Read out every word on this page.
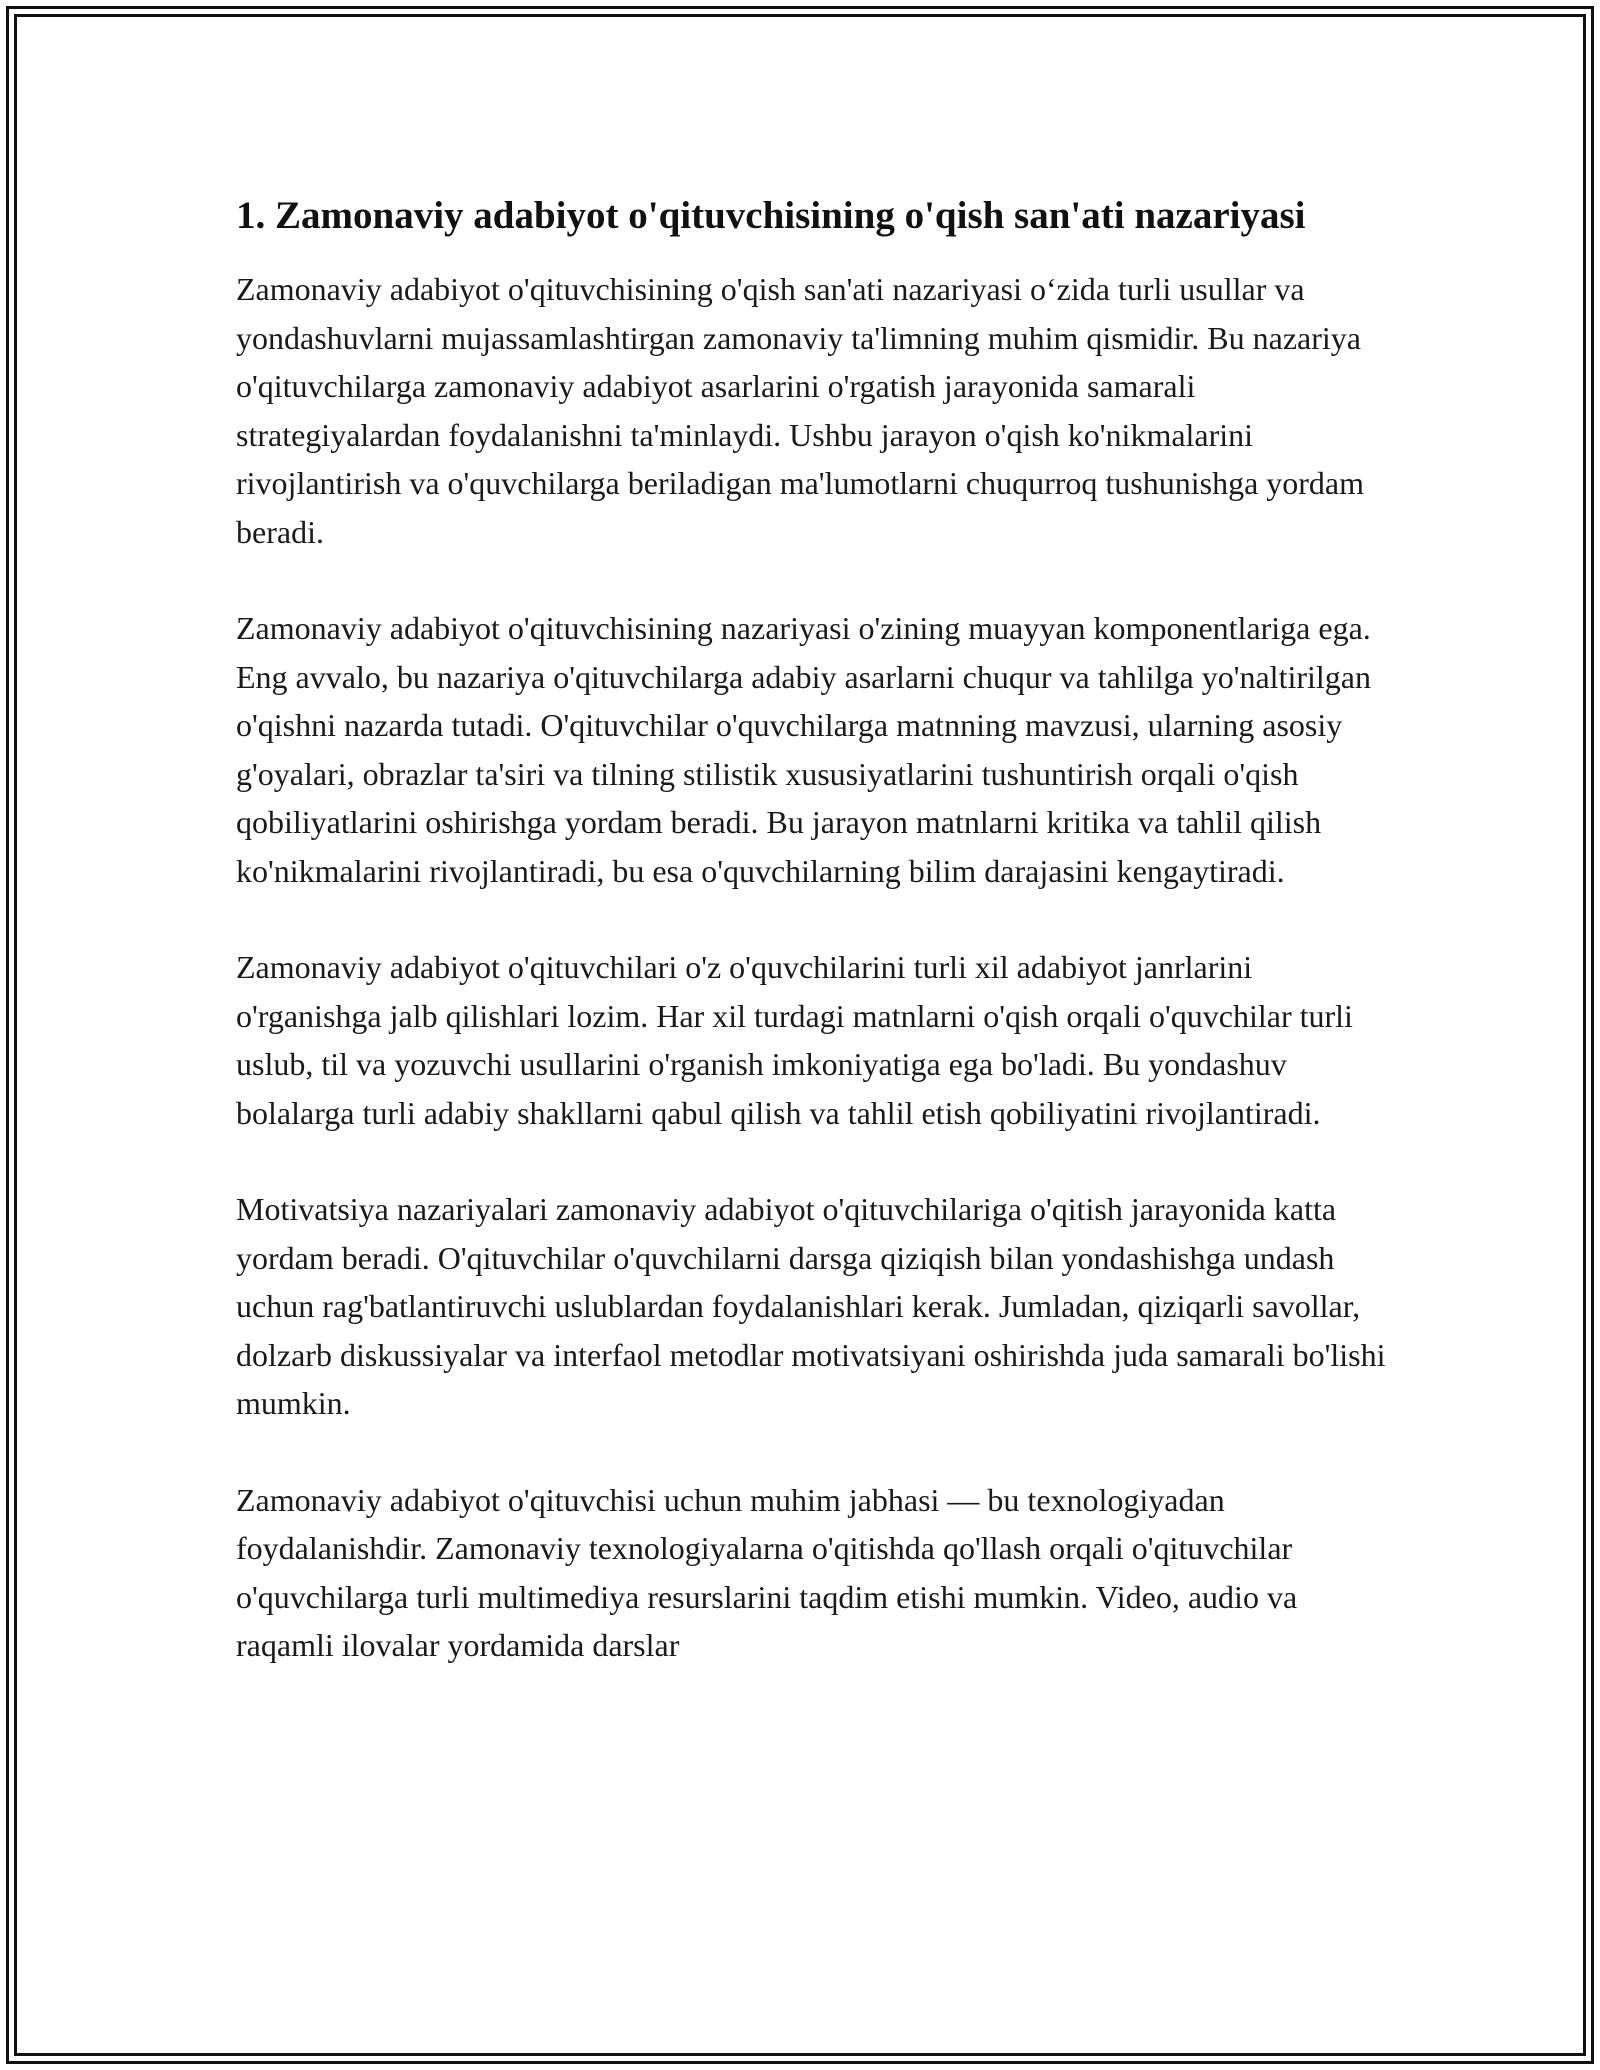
1. Zamonaviy adabiyot o'qituvchisining o'qish san'ati nazariyasi

Zamonaviy adabiyot o'qituvchisining o'qish san'ati nazariyasi o‘zida turli usullar va yondashuvlarni mujassamlashtirgan zamonaviy ta'limning muhim qismidir. Bu nazariya o'qituvchilarga zamonaviy adabiyot asarlarini o'rgatish jarayonida samarali strategiyalardan foydalanishni ta'minlaydi. Ushbu jarayon o'qish ko'nikmalarini rivojlantirish va o'quvchilarga beriladigan ma'lumotlarni chuqurroq tushunishga yordam beradi.

Zamonaviy adabiyot o'qituvchisining nazariyasi o'zining muayyan komponentlariga ega. Eng avvalo, bu nazariya o'qituvchilarga adabiy asarlarni chuqur va tahlilga yo'naltirilgan o'qishni nazarda tutadi. O'qituvchilar o'quvchilarga matnning mavzusi, ularning asosiy g'oyalari, obrazlar ta'siri va tilning stilistik xususiyatlarini tushuntirish orqali o'qish qobiliyatlarini oshirishga yordam beradi. Bu jarayon matnlarni kritika va tahlil qilish ko'nikmalarini rivojlantiradi, bu esa o'quvchilarning bilim darajasini kengaytiradi.

Zamonaviy adabiyot o'qituvchilari o'z o'quvchilarini turli xil adabiyot janrlarini o'rganishga jalb qilishlari lozim. Har xil turdagi matnlarni o'qish orqali o'quvchilar turli uslub, til va yozuvchi usullarini o'rganish imkoniyatiga ega bo'ladi. Bu yondashuv bolalarga turli adabiy shakllarni qabul qilish va tahlil etish qobiliyatini rivojlantiradi.

Motivatsiya nazariyalari zamonaviy adabiyot o'qituvchilariga o'qitish jarayonida katta yordam beradi. O'qituvchilar o'quvchilarni darsga qiziqish bilan yondashishga undash uchun rag'batlantiruvchi uslublardan foydalanishlari kerak. Jumladan, qiziqarli savollar, dolzarb diskussiyalar va interfaol metodlar motivatsiyani oshirishda juda samarali bo'lishi mumkin.

Zamonaviy adabiyot o'qituvchisi uchun muhim jabhasi — bu texnologiyadan foydalanishdir. Zamonaviy texnologiyalarna o'qitishda qo'llash orqali o'qituvchilar o'quvchilarga turli multimediya resurslarini taqdim etishi mumkin. Video, audio va raqamli ilovalar yordamida darslar
